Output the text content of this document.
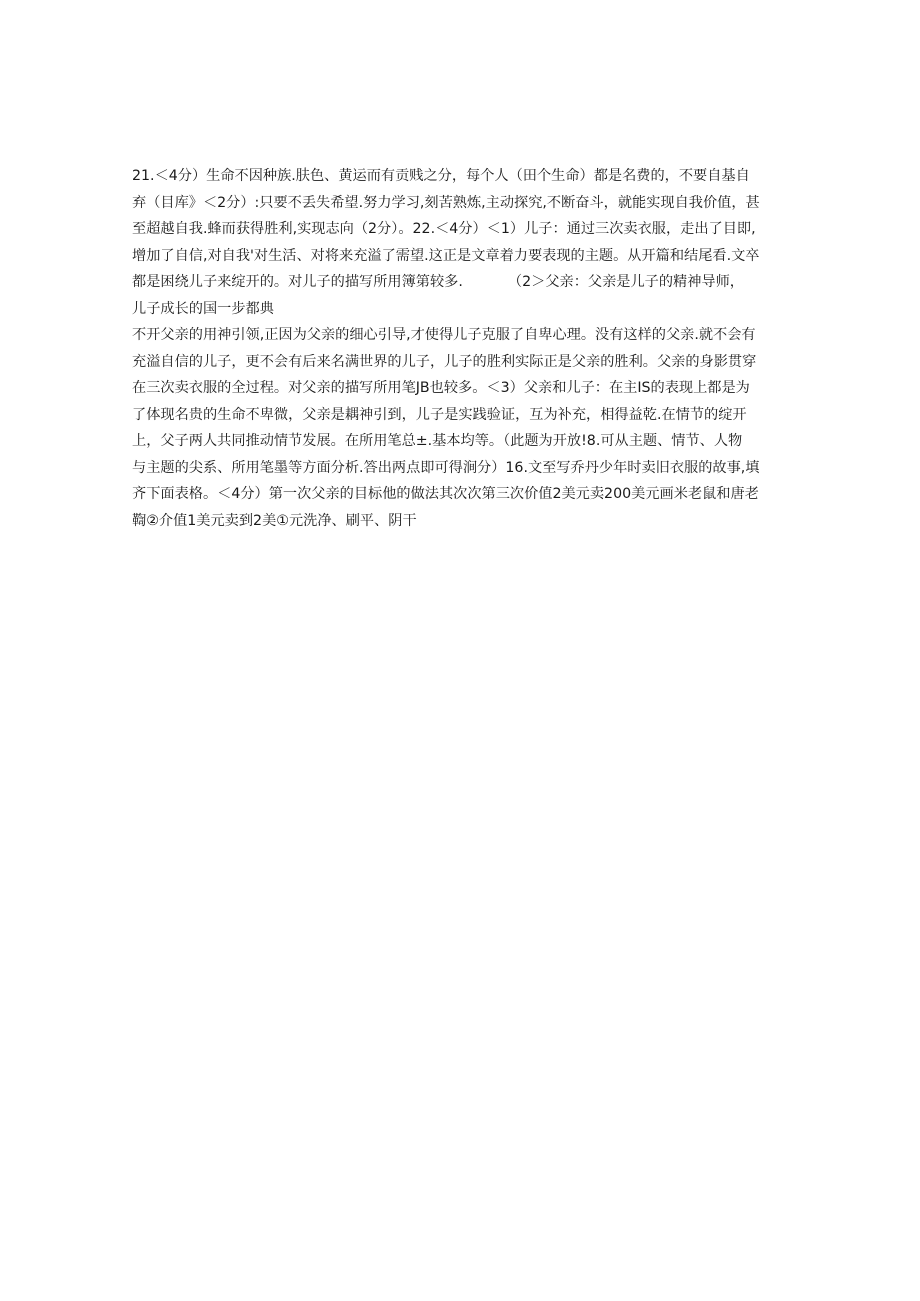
21.＜4分）生命不因种族.肤色、黄运而有贡贱之分，每个人（田个生命）都是名费的，不要自基自
弃（目库》＜2分）:只要不丢失希望.努力学习,刻苦熟炼,主动探究,不断奋斗，就能实现自我价值，甚
至超越自我.蜂而获得胜利,实现志向（2分）。22.＜4分）＜1）儿子：通过三次卖衣服，走出了目即,
增加了自信,对自我'对生活、对将来充溢了需望.这正是文章着力要表现的主题。从开篇和结尾看.文卒
都是困绕儿子来绽开的。对儿子的描写所用簿第较多.          （2＞父亲：父亲是儿子的精神导师，
儿子成长的国一步都典
不开父亲的用神引领,正因为父亲的细心引导,才使得儿子克服了自卑心理。没有这样的父亲.就不会有
充溢自信的儿子，更不会有后来名满世界的儿子，儿子的胜利实际正是父亲的胜利。父亲的身影贯穿
在三次卖衣服的全过程。对父亲的描写所用笔JB也较多。＜3）父亲和儿子：在主IS的表现上都是为
了体现名贵的生命不卑微，父亲是耦神引到，儿子是实践验证，互为补充，相得益乾.在情节的绽开
上，父子两人共同推动情节发展。在所用笔总±.基本均等。（此题为开放!8.可从主题、情节、人物
与主题的尖系、所用笔墨等方面分析.答出两点即可得涧分）16.文至写乔丹少年时卖旧衣服的故事,填
齐下面表格。＜4分）第一次父亲的目标他的做法其次次第三次价值2美元卖200美元画米老鼠和唐老
鞫②介值1美元卖到2美①元洗净、刷平、阴干
